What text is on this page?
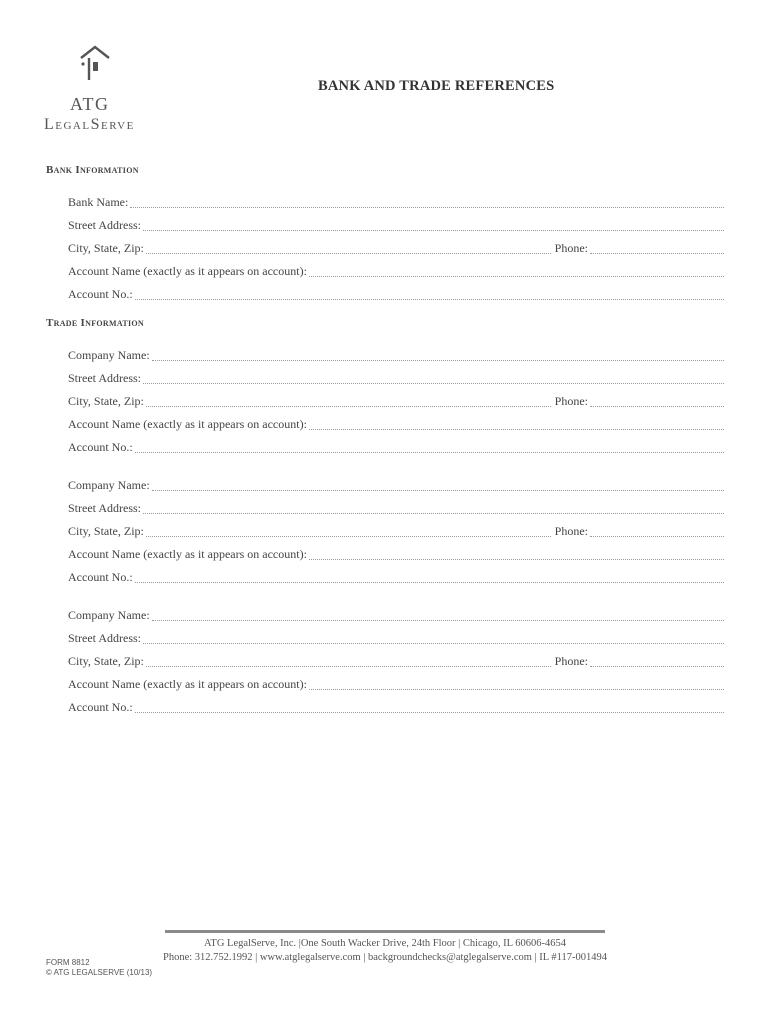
ATG
LegalServe
BANK AND TRADE REFERENCES
Bank Information
Bank Name:
Street Address:
City, State, Zip:	Phone:
Account Name (exactly as it appears on account):
Account No.:
Trade Information
Company Name:
Street Address:
City, State, Zip:	Phone:
Account Name (exactly as it appears on account):
Account No.:
Company Name:
Street Address:
City, State, Zip:	Phone:
Account Name (exactly as it appears on account):
Account No.:
Company Name:
Street Address:
City, State, Zip:	Phone:
Account Name (exactly as it appears on account):
Account No.:
ATG LegalServe, Inc. |One South Wacker Drive, 24th Floor | Chicago, IL 60606-4654
Phone: 312.752.1992 | www.atglegalserve.com | backgroundchecks@atglegalserve.com | IL #117-001494
FORM 8812
© ATG LEGALSERVE (10/13)
